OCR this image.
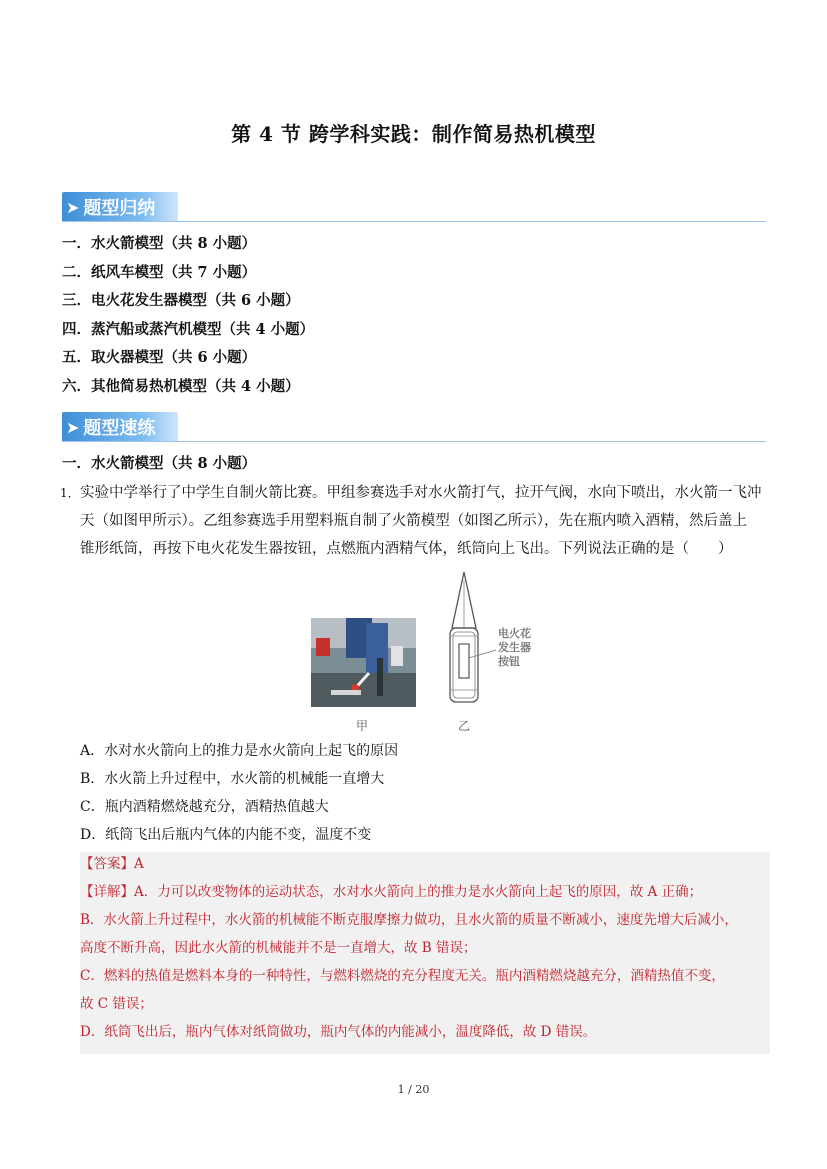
第 4 节 跨学科实践：制作简易热机模型
➤ 题型归纳
一．水火箭模型（共 8 小题）
二．纸风车模型（共 7 小题）
三．电火花发生器模型（共 6 小题）
四．蒸汽船或蒸汽机模型（共 4 小题）
五．取火器模型（共 6 小题）
六．其他简易热机模型（共 4 小题）
➤ 题型速练
一．水火箭模型（共 8 小题）
1． 实验中学举行了中学生自制火箭比赛。甲组参赛选手对水火箭打气，拉开气阀，水向下喷出，水火箭一飞冲
天（如图甲所示）。乙组参赛选手用塑料瓶自制了火箭模型（如图乙所示），先在瓶内喷入酒精，然后盖上
锥形纸筒，再按下电火花发生器按钮，点燃瓶内酒精气体，纸筒向上飞出。下列说法正确的是（　　）
甲
电火花
发生器
按钮
乙
A．水对水火箭向上的推力是水火箭向上起飞的原因
B．水火箭上升过程中，水火箭的机械能一直增大
C．瓶内酒精燃烧越充分，酒精热值越大
D．纸筒飞出后瓶内气体的内能不变，温度不变
【答案】A
【详解】A．力可以改变物体的运动状态，水对水火箭向上的推力是水火箭向上起飞的原因，故 A 正确；
B．水火箭上升过程中，水火箭的机械能不断克服摩擦力做功，且水火箭的质量不断减小，速度先增大后减小，
高度不断升高，因此水火箭的机械能并不是一直增大，故 B 错误；
C．燃料的热值是燃料本身的一种特性，与燃料燃烧的充分程度无关。瓶内酒精燃烧越充分，酒精热值不变，
故 C 错误；
D．纸筒飞出后，瓶内气体对纸筒做功，瓶内气体的内能减小，温度降低，故 D 错误。
1 / 20
